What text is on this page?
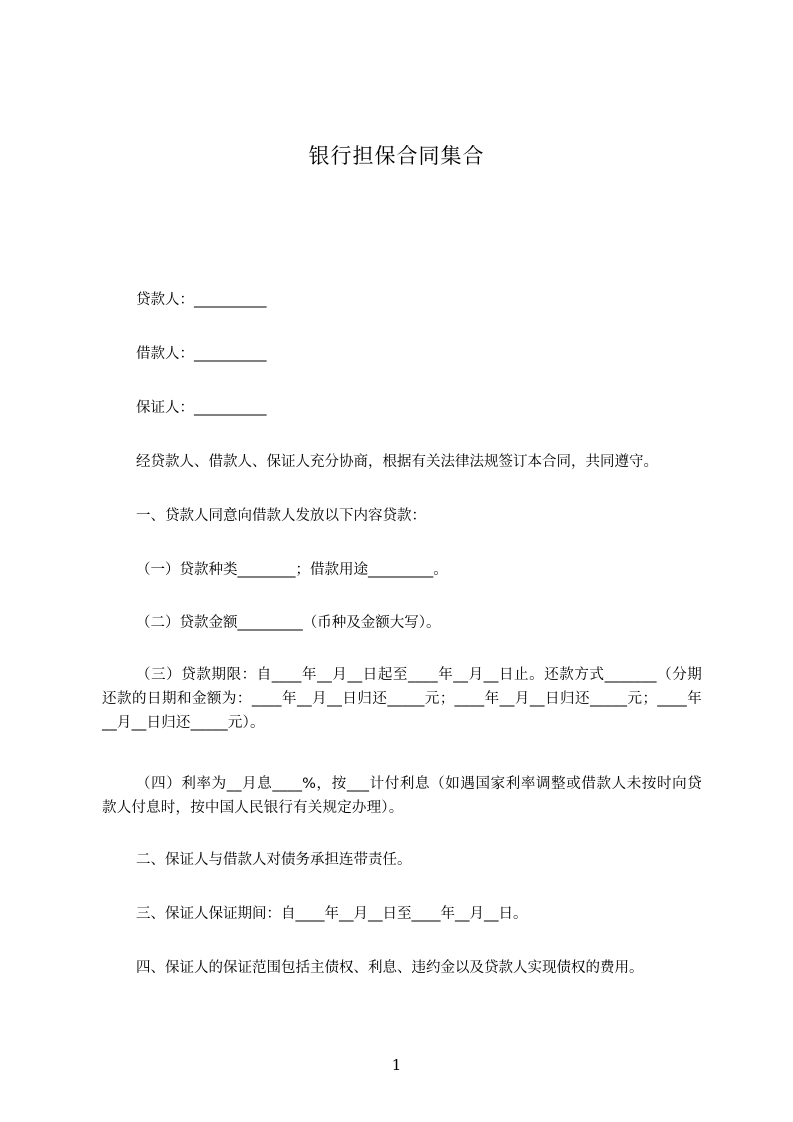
银行担保合同集合
贷款人：__________
借款人：__________
保证人：__________
经贷款人、借款人、保证人充分协商，根据有关法律法规签订本合同，共同遵守。
一、贷款人同意向借款人发放以下内容贷款：
（一）贷款种类________；借款用途_________。
（二）贷款金额_________（币种及金额大写）。
（三）贷款期限：自____年__月__日起至____年__月__日止。还款方式_______（分期还款的日期和金额为：____年__月__日归还_____元；____年__月__日归还_____元；____年__月__日归还_____元）。
（四）利率为__月息____%，按___计付利息（如遇国家利率调整或借款人未按时向贷款人付息时，按中国人民银行有关规定办理）。
二、保证人与借款人对债务承担连带责任。
三、保证人保证期间：自____年__月__日至____年__月__日。
四、保证人的保证范围包括主债权、利息、违约金以及贷款人实现债权的费用。
1
